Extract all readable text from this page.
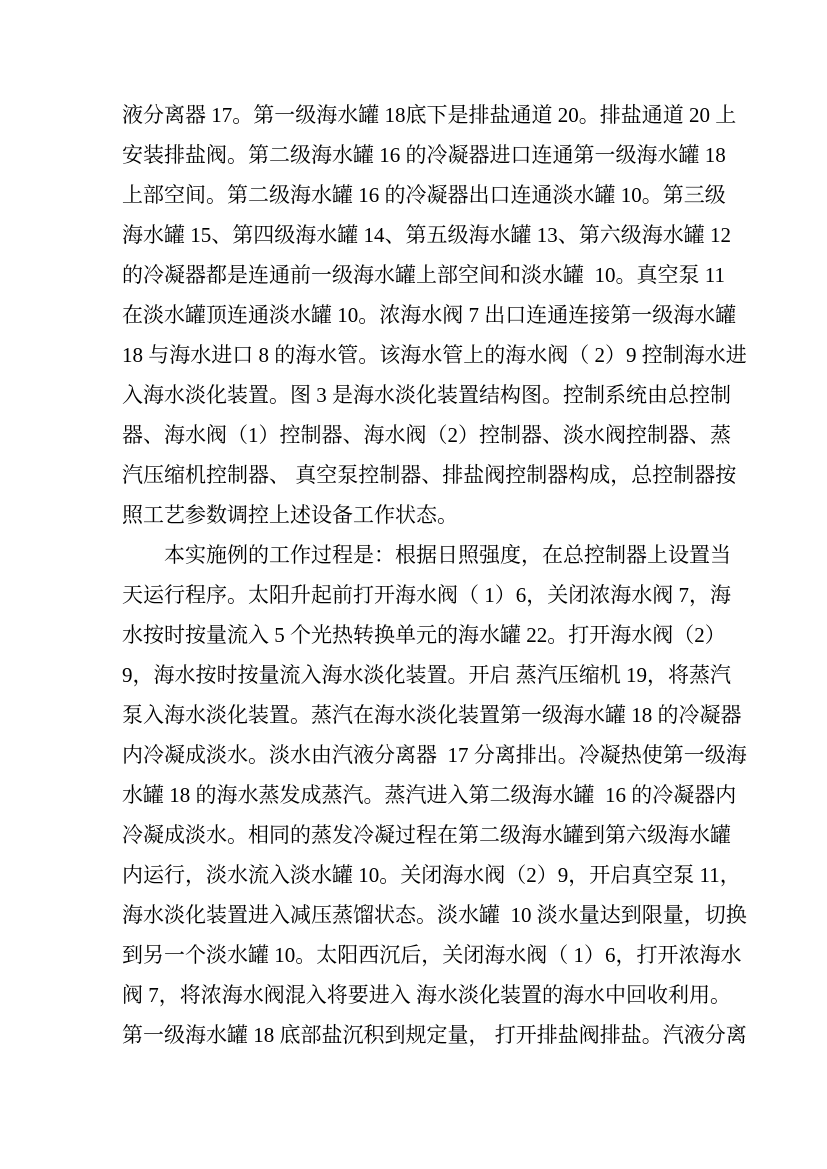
液分离器 17。第一级海水罐 18底下是排盐通道 20。排盐通道 20 上
安装排盐阀。第二级海水罐 16 的冷凝器进口连通第一级海水罐 18
上部空间。第二级海水罐 16 的冷凝器出口连通淡水罐 10。第三级
海水罐 15、第四级海水罐 14、第五级海水罐 13、第六级海水罐 12
的冷凝器都是连通前一级海水罐上部空间和淡水罐  10。真空泵 11
在淡水罐顶连通淡水罐 10。浓海水阀 7 出口连通连接第一级海水罐
18 与海水进口 8 的海水管。该海水管上的海水阀（ 2）9 控制海水进
入海水淡化装置。图 3 是海水淡化装置结构图。控制系统由总控制
器、海水阀（1）控制器、海水阀（2）控制器、淡水阀控制器、蒸
汽压缩机控制器、 真空泵控制器、排盐阀控制器构成，总控制器按
照工艺参数调控上述设备工作状态。
　　本实施例的工作过程是：根据日照强度，在总控制器上设置当
天运行程序。太阳升起前打开海水阀（ 1）6，关闭浓海水阀 7，海
水按时按量流入 5 个光热转换单元的海水罐 22。打开海水阀（2）
9，海水按时按量流入海水淡化装置。开启 蒸汽压缩机 19，将蒸汽
泵入海水淡化装置。蒸汽在海水淡化装置第一级海水罐 18 的冷凝器
内冷凝成淡水。淡水由汽液分离器  17 分离排出。冷凝热使第一级海
水罐 18 的海水蒸发成蒸汽。蒸汽进入第二级海水罐  16 的冷凝器内
冷凝成淡水。相同的蒸发冷凝过程在第二级海水罐到第六级海水罐
内运行，淡水流入淡水罐 10。关闭海水阀（2）9，开启真空泵 11，
海水淡化装置进入减压蒸馏状态。淡水罐  10 淡水量达到限量，切换
到另一个淡水罐 10。太阳西沉后，关闭海水阀（ 1）6，打开浓海水
阀 7，将浓海水阀混入将要进入 海水淡化装置的海水中回收利用。
第一级海水罐 18 底部盐沉积到规定量， 打开排盐阀排盐。汽液分离
